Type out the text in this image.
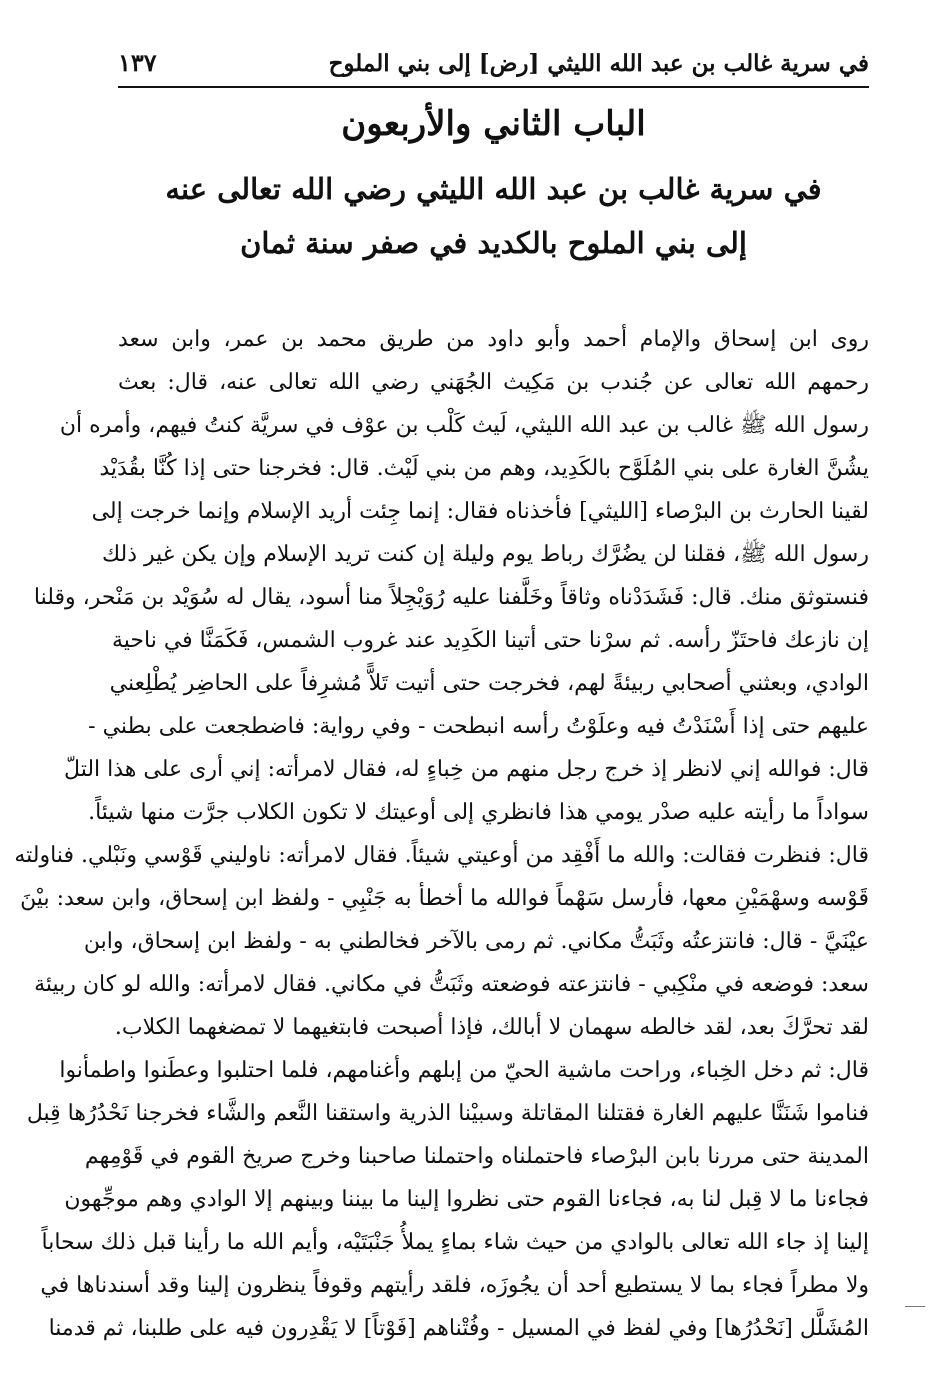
في سرية غالب بن عبد الله الليثي [رض] إلى بني الملوح
١٣٧
الباب الثاني والأربعون
في سرية غالب بن عبد الله الليثي رضي الله تعالى عنه
إلى بني الملوح بالكديد في صفر سنة ثمان
روى ابن إسحاق والإمام أحمد وأبو داود من طريق محمد بن عمر، وابن سعد
رحمهم الله تعالى عن جُندب بن مَكِيث الجُهَني رضي الله تعالى عنه، قال: بعث
رسول الله ﷺ غالب بن عبد الله الليثي، لَيث كَلْب بن عوْف في سريَّة كنتُ فيهم، وأمره أن
يشُنَّ الغارة على بني المُلَوَّح بالكَدِيد، وهم من بني لَيْث. قال: فخرجنا حتى إذا كُنَّا بقُدَيْد
لقينا الحارث بن البرْصاء [الليثي] فأخذناه فقال: إنما جِئت أريد الإسلام وإنما خرجت إلى
رسول الله ﷺ، فقلنا لن يضُرَّك رباط يوم وليلة إن كنت تريد الإسلام وإن يكن غير ذلك
فنستوثق منك. قال: فَشَدَدْناه وثاقاً وخَلَّفنا عليه رُوَيْجِلاً منا أسود، يقال له سُوَيْد بن مَنْحر، وقلنا
إن نازعك فاحتَزّ رأسه. ثم سرْنا حتى أتينا الكَدِيد عند غروب الشمس، فَكَمَنَّا في ناحية
الوادي، وبعثني أصحابي ربيئةً لهم، فخرجت حتى أتيت تَلاًّ مُشرِفاً على الحاضِر يُطْلِعني
عليهم حتى إذا أَسْنَدْتُ فيه وعلَوْتُ رأسه انبطحت - وفي رواية: فاضطجعت على بطني -
قال: فوالله إني لانظر إذ خرج رجل منهم من خِباءٍ له، فقال لامرأته: إني أرى على هذا التلّ
سواداً ما رأيته عليه صدْر يومي هذا فانظري إلى أوعيتك لا تكون الكلاب جرَّت منها شيئاً.
قال: فنظرت فقالت: والله ما أَفْقِد من أوعيتي شيئاً. فقال لامرأته: ناوليني قَوْسي ونَبْلي. فناولته
قَوْسه وسهْمَيْنِ معها، فأرسل سَهْماً فوالله ما أخطأ به جَنْبِي - ولفظ ابن إسحاق، وابن سعد: بيْنَ
عيْنَيَّ - قال: فانتزعتُه وثَبَتُّ مكاني. ثم رمى بالآخر فخالطني به - ولفظ ابن إسحاق، وابن
سعد: فوضعه في منْكِبي - فانتزعته فوضعته وثَبَتُّ في مكاني. فقال لامرأته: والله لو كان ربيئة
لقد تحرَّكَ بعد، لقد خالطه سهمان لا أبالك، فإذا أصبحت فابتغيهما لا تمضغهما الكلاب.
قال: ثم دخل الخِباء، وراحت ماشية الحيّ من إبلهم وأغنامهم، فلما احتلبوا وعطَنوا واطمأنوا
فناموا شَنَنَّا عليهم الغارة فقتلنا المقاتلة وسبيْنا الذرية واستقنا النَّعم والشَّاء فخرجنا نَحْدُرُها قِبل
المدينة حتى مررنا بابن البرْصاء فاحتملناه واحتملنا صاحبنا وخرج صريخ القوم في قَوْمِهم
فجاءنا ما لا قِبل لنا به، فجاءنا القوم حتى نظروا إلينا ما بيننا وبينهم إلا الوادي وهم موجِّهون
إلينا إذ جاء الله تعالى بالوادي من حيث شاء بماءٍ يملأُ جَنْبَتَيْه، وأيم الله ما رأينا قبل ذلك سحاباً
ولا مطراً فجاء بما لا يستطيع أحد أن يجُوزَه، فلقد رأيتهم وقوفاً ينظرون إلينا وقد أسندناها في
المُشَلَّل [نَحْدُرُها] وفي لفظ في المسيل - وفُتْناهم [فَوْتاً] لا يَقْدِرون فيه على طلبنا، ثم قدمنا
